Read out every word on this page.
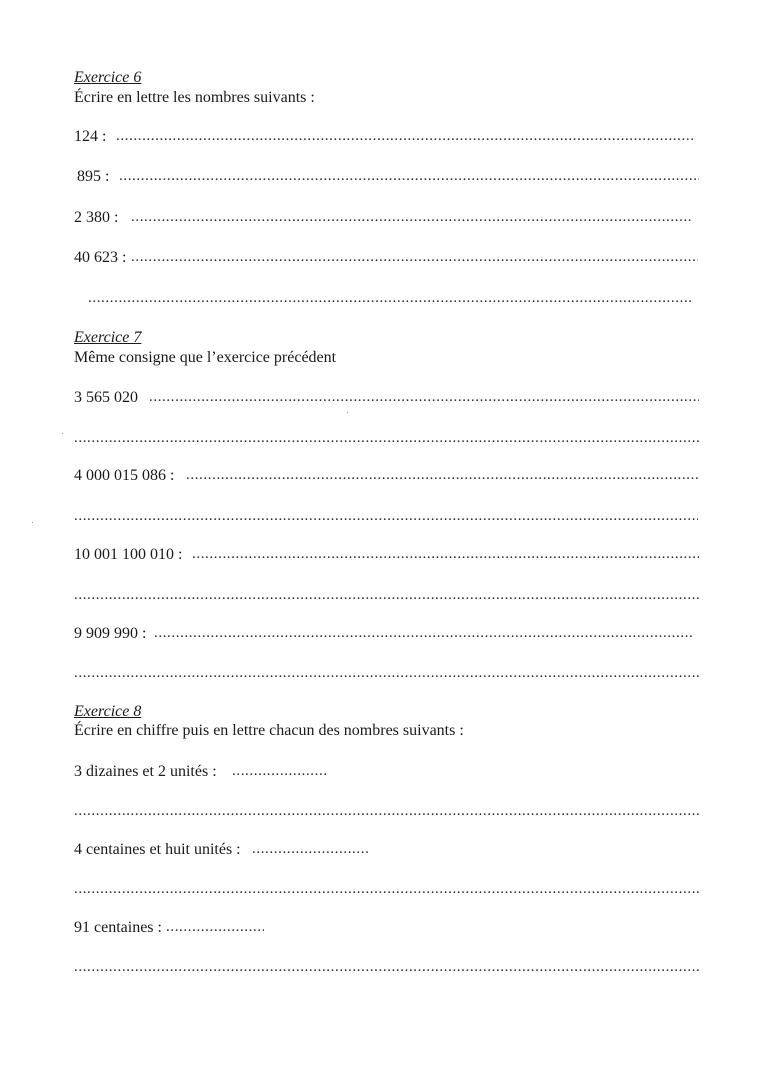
Exercice 6
Écrire en lettre les nombres suivants :
124 :
.....
895 :
.....
2 380 :
.....
40 623 :
.....
.....
Exercice 7
Même consigne que l’exercice précédent
3 565 020
.....
.....
4 000 015 086 :
.....
.....
10 001 100 010 :
.....
.....
9 909 990 :
.....
.....
Exercice 8
Écrire en chiffre puis en lettre chacun des nombres suivants :
3 dizaines et 2 unités :
.....
.....
4 centaines et huit unités :
.....
.....
91 centaines :
.....
.....
